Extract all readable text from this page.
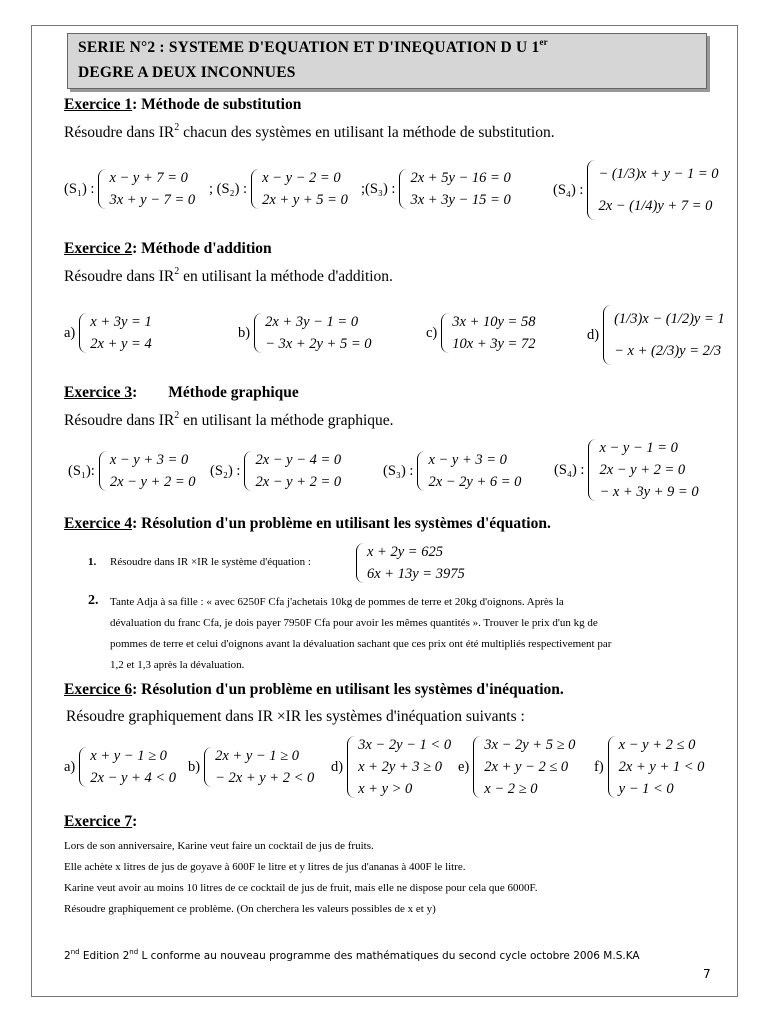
SERIE N°2 : SYSTEME D'EQUATION ET D'INEQUATION D U 1er
DEGRE A DEUX INCONNUES
Exercice 1: Méthode de substitution
Résoudre dans $IR^2$ chacun des systèmes en utilisant la méthode de substitution.
(S₁) :
x − y + 7 = 0
3x + y − 7 = 0
; (S₂) :
x − y − 2 = 0
2x + y + 5 = 0
;(S₃) :
2x + 5y − 16 = 0
3x + 3y − 15 = 0
(S₄) :
− (1/3)x + y − 1 = 0
2x − (1/4)y + 7 = 0
Exercice 2: Méthode d'addition
Résoudre dans $IR^2$ en utilisant la méthode d'addition.
a)
x + 3y = 1
2x + y = 4
b)
2x + 3y − 1 = 0
− 3x + 2y + 5 = 0
c)
3x + 10y = 58
10x + 3y = 72
d)
(1/3)x − (1/2)y = 1
− x + (2/3)y = 2/3
Exercice 3:        Méthode graphique
Résoudre dans $IR^2$ en utilisant la méthode graphique.
(S₁):
x − y + 3 = 0
2x − y + 2 = 0
(S₂) :
2x − y − 4 = 0
2x − y + 2 = 0
(S₃) :
x − y + 3 = 0
2x − 2y + 6 = 0
(S₄) :
x − y − 1 = 0
2x − y + 2 = 0
− x + 3y + 9 = 0
Exercice 4: Résolution d'un problème en utilisant les systèmes d'équation.
1. Résoudre dans IR ×IR le système d'équation :
x + 2y = 625
6x + 13y = 3975
2. Tante Adja à sa fille : « avec 6250F Cfa j'achetais 10kg de pommes de terre et 20kg d'oignons. Après la
dévaluation du franc Cfa, je dois payer 7950F Cfa pour avoir les mêmes quantités ». Trouver le prix d'un kg de
pommes de terre et celui d'oignons avant la dévaluation sachant que ces prix ont été multipliés respectivement par
1,2 et 1,3 après la dévaluation.
Exercice 6: Résolution d'un problème en utilisant les systèmes d'inéquation.
Résoudre graphiquement dans IR ×IR les systèmes d'inéquation suivants :
a)
x + y − 1 ≥ 0
2x − y + 4 < 0
b)
2x + y − 1 ≥ 0
− 2x + y + 2 < 0
d)
3x − 2y − 1 < 0
x + 2y + 3 ≥ 0
x + y > 0
e)
3x − 2y + 5 ≥ 0
2x + y − 2 ≤ 0
x − 2 ≥ 0
f)
x − y + 2 ≤ 0
2x + y + 1 < 0
y − 1 < 0
Exercice 7:
Lors de son anniversaire, Karine veut faire un cocktail de jus de fruits.
Elle achète x litres de jus de goyave à 600F le litre et y litres de jus d'ananas à 400F le litre.
Karine veut avoir au moins 10 litres de ce cocktail de jus de fruit, mais elle ne dispose pour cela que 6000F.
Résoudre graphiquement ce problème. (On cherchera les valeurs possibles de x et y)
2nd Edition 2nd L conforme au nouveau programme des mathématiques du second cycle octobre 2006 M.S.KA
7
